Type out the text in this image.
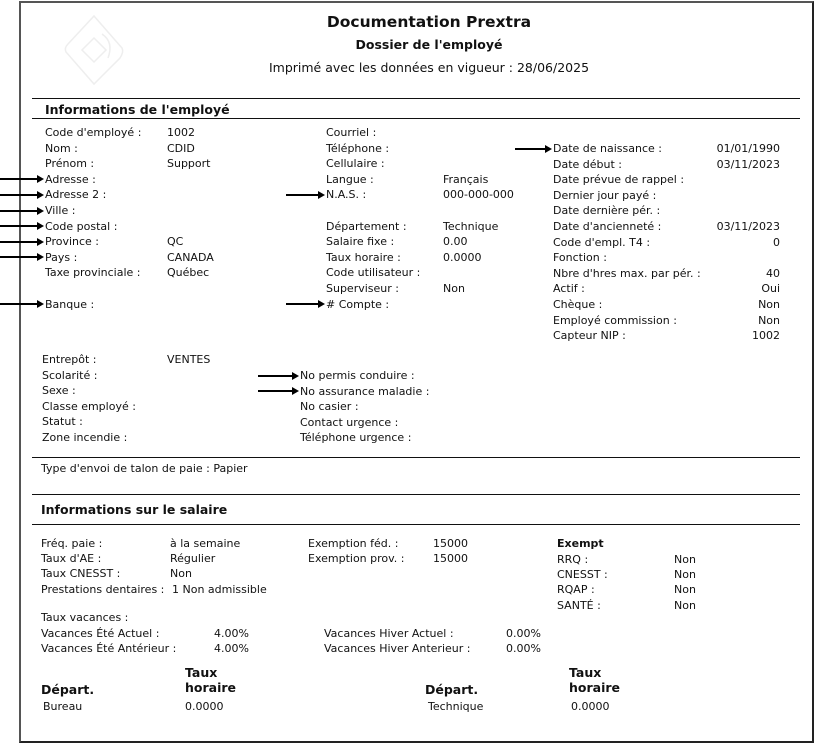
Documentation Prextra
Dossier de l'employé
Imprimé avec les données en vigueur : 28/06/2025
Informations de l'employé
Code d'employé : 1002
Nom :	CDID
Prénom :	Support
Adresse :
Adresse 2 :
Ville :
Code postal :
Province :	QC
Pays :	CANADA
Taxe provinciale : Québec
Banque :
Courriel :
Téléphone :
Cellulaire :
Langue :	Français
N.A.S. :	000-000-000
Département :	Technique
Salaire fixe :	0.00
Taux horaire :	0.0000
Code utilisateur :
Superviseur :	Non
# Compte :
Date de naissance :	01/01/1990
Date début :	03/11/2023
Date prévue de rappel :
Dernier jour payé :
Date dernière pér. :
Date d'ancienneté :	03/11/2023
Code d'empl. T4 :	0
Fonction :
Nbre d'hres max. par pér. :	40
Actif :	Oui
Chèque :	Non
Employé commission :	Non
Capteur NIP :	1002
Entrepôt :	VENTES
Scolarité :
Sexe :
Classe employé :
Statut :
Zone incendie :
No permis conduire :
No assurance maladie :
No casier :
Contact urgence :
Téléphone urgence :
Type d'envoi de talon de paie : Papier
Informations sur le salaire
Fréq. paie :	à la semaine
Taux d'AE :	Régulier
Taux CNESST :	Non
Prestations dentaires : 1 Non admissible
Exemption féd. :	15000
Exemption prov. :	15000
Exempt
RRQ :	Non
CNESST :	Non
RQAP :	Non
SANTÉ :	Non
Vacances Été Actuel :	4.00%
Vacances Été Antérieur :	4.00%
Vacances Hiver Actuel :	0.00%
Vacances Hiver Anterieur :	0.00%
Taux vacances :
Départ.
Taux
horaire
Bureau	0.0000
Départ.
Taux
horaire
Technique	0.0000
